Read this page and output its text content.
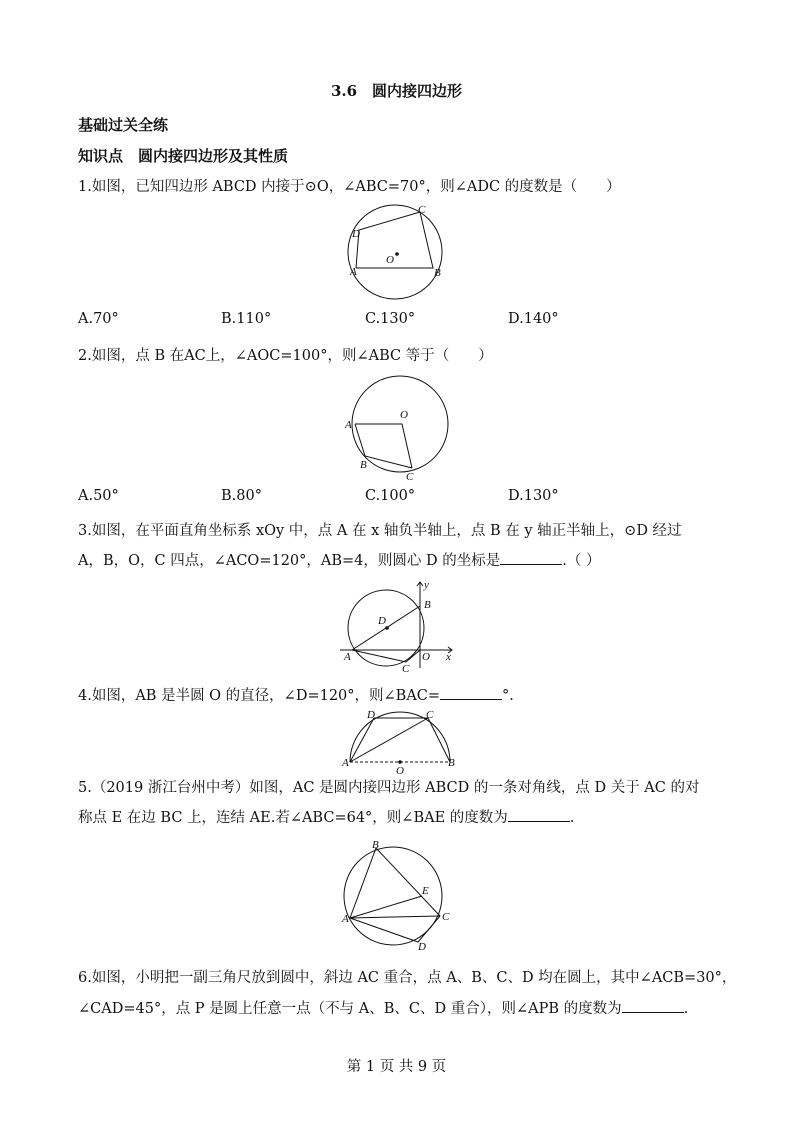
3.6　圆内接四边形
基础过关全练
知识点　圆内接四边形及其性质
1.如图，已知四边形 ABCD 内接于⊙O，∠ABC=70°，则∠ADC 的度数是（　　）
D
C
O
A	B
A.70°	B.110°	C.130°	D.140°
2.如图，点 B 在AC上，∠AOC=100°，则∠ABC 等于（　　）
A
O
B
C
A.50°	B.80°	C.100°	D.130°
3.如图，在平面直角坐标系 xOy 中，点 A 在 x 轴负半轴上，点 B 在 y 轴正半轴上，⊙D 经过
A，B，O，C 四点，∠ACO=120°，AB=4，则圆心 D 的坐标是	.（ ）
y
B
D
A
C
O x
4.如图，AB 是半圆 O 的直径，∠D=120°，则∠BAC=	°.
D	C
A
O
B
5.（2019 浙江台州中考）如图，AC 是圆内接四边形 ABCD 的一条对角线，点 D 关于 AC 的对
称点 E 在边 BC 上，连结 AE.若∠ABC=64°，则∠BAE 的度数为	.
B
E
A	C
D
6.如图，小明把一副三角尺放到圆中，斜边 AC 重合，点 A、B、C、D 均在圆上，其中∠ACB=30°，
∠CAD=45°，点 P 是圆上任意一点（不与 A、B、C、D 重合），则∠APB 的度数为	.
第 1 页 共 9 页
